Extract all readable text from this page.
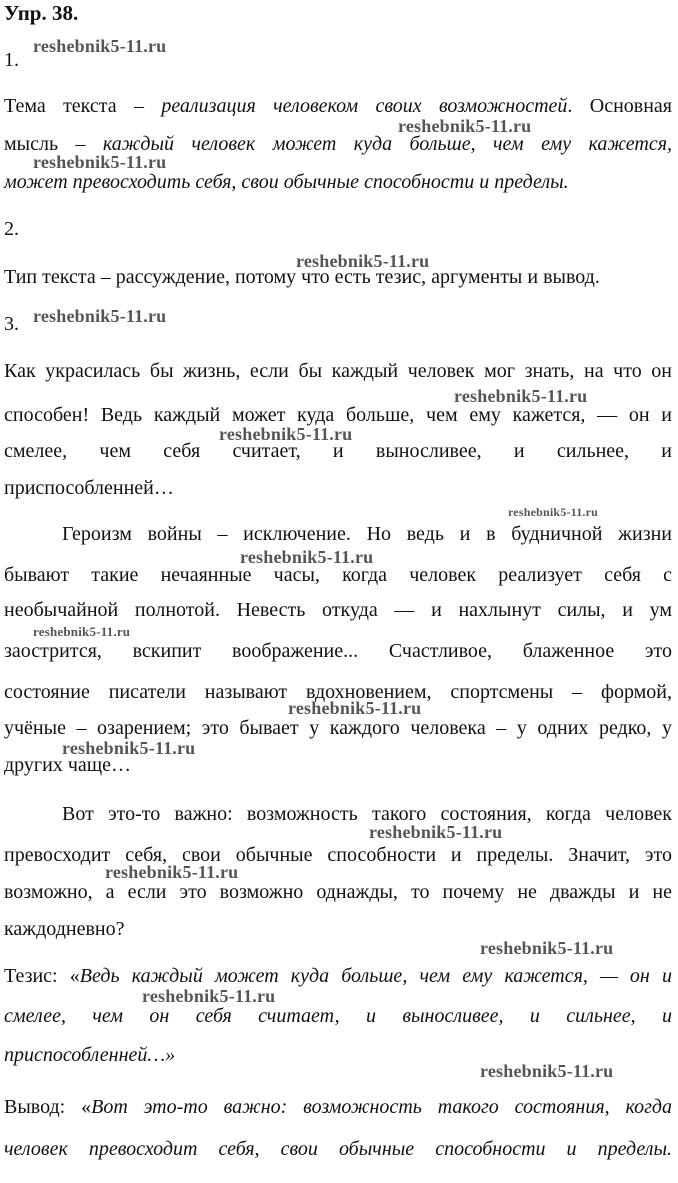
Упр. 38.
1.
Тема текста – реализация человеком своих возможностей. Основная
мысль – каждый человек может куда больше, чем ему кажется,
может превосходить себя, свои обычные способности и пределы.
2.
Тип текста – рассуждение, потому что есть тезис, аргументы и вывод.
3.
Как украсилась бы жизнь, если бы каждый человек мог знать, на что он
способен! Ведь каждый может куда больше, чем ему кажется, — он и
смелее, чем себя считает, и выносливее, и сильнее, и
приспособленней…
Героизм войны – исключение. Но ведь и в будничной жизни
бывают такие нечаянные часы, когда человек реализует себя с
необычайной полнотой. Невесть откуда — и нахлынут силы, и ум
заострится, вскипит воображение... Счастливое, блаженное это
состояние писатели называют вдохновением, спортсмены – формой,
учёные – озарением; это бывает у каждого человека – у одних редко, у
других чаще…
Вот это-то важно: возможность такого состояния, когда человек
превосходит себя, свои обычные способности и пределы. Значит, это
возможно, а если это возможно однажды, то почему не дважды и не
каждодневно?
Тезис: «Ведь каждый может куда больше, чем ему кажется, — он и
смелее, чем он себя считает, и выносливее, и сильнее, и
приспособленней…»
Вывод: «Вот это-то важно: возможность такого состояния, когда
человек превосходит себя, свои обычные способности и пределы.
reshebnik5-11.ru
reshebnik5-11.ru
reshebnik5-11.ru
reshebnik5-11.ru
reshebnik5-11.ru
reshebnik5-11.ru
reshebnik5-11.ru
reshebnik5-11.ru
reshebnik5-11.ru
reshebnik5-11.ru
reshebnik5-11.ru
reshebnik5-11.ru
reshebnik5-11.ru
reshebnik5-11.ru
reshebnik5-11.ru
reshebnik5-11.ru
reshebnik5-11.ru
